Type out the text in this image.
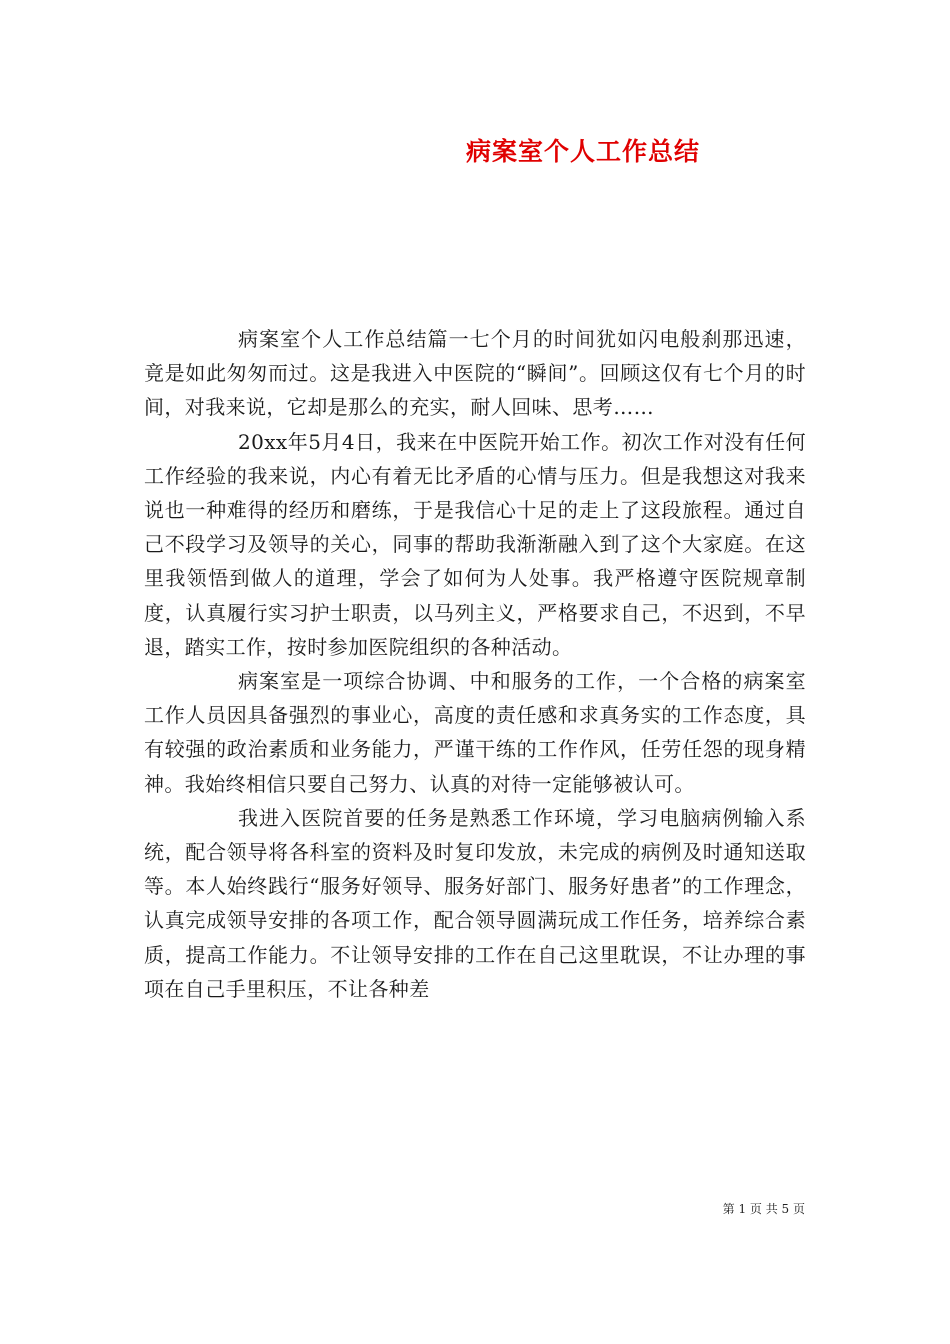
病案室个人工作总结

病案室个人工作总结篇一七个月的时间犹如闪电般刹那迅速，竟是如此匆匆而过。这是我进入中医院的“瞬间”。回顾这仅有七个月的时间，对我来说，它却是那么的充实，耐人回味、思考……

20xx年5月4日，我来在中医院开始工作。初次工作对没有任何工作经验的我来说，内心有着无比矛盾的心情与压力。但是我想这对我来说也一种难得的经历和磨练，于是我信心十足的走上了这段旅程。通过自己不段学习及领导的关心，同事的帮助我渐渐融入到了这个大家庭。在这里我领悟到做人的道理，学会了如何为人处事。我严格遵守医院规章制度，认真履行实习护士职责，以马列主义，严格要求自己，不迟到，不早退，踏实工作，按时参加医院组织的各种活动。

病案室是一项综合协调、中和服务的工作，一个合格的病案室工作人员因具备强烈的事业心，高度的责任感和求真务实的工作态度，具有较强的政治素质和业务能力，严谨干练的工作作风，任劳任怨的现身精神。我始终相信只要自己努力、认真的对待一定能够被认可。

我进入医院首要的任务是熟悉工作环境，学习电脑病例输入系统，配合领导将各科室的资料及时复印发放，未完成的病例及时通知送取等。本人始终践行“服务好领导、服务好部门、服务好患者”的工作理念，认真完成领导安排的各项工作，配合领导圆满玩成工作任务，培养综合素质，提高工作能力。不让领导安排的工作在自己这里耽误，不让办理的事项在自己手里积压，不让各种差

第 1 页 共 5 页
